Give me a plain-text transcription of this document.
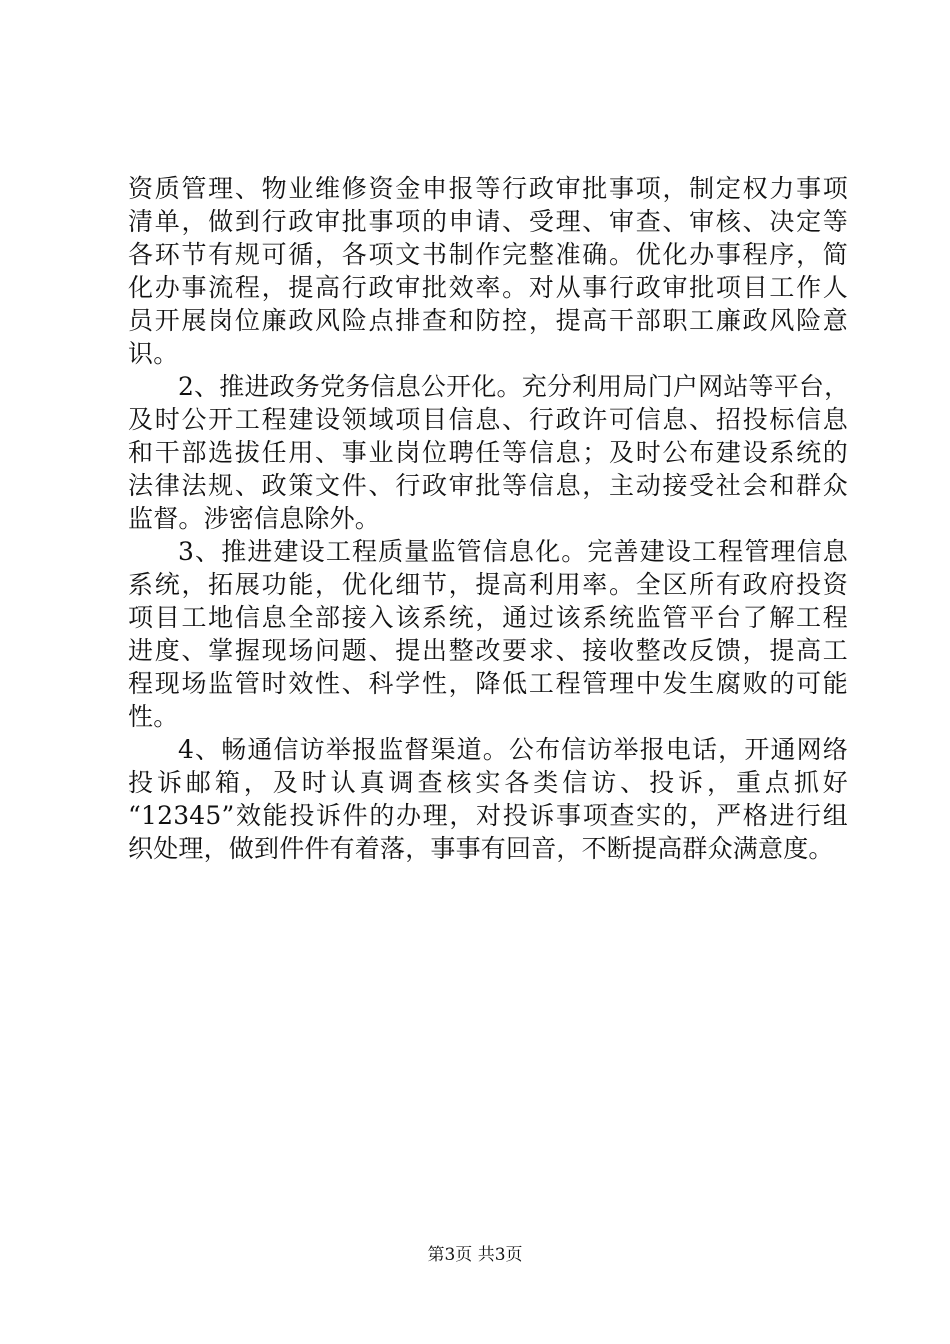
资质管理、物业维修资金申报等行政审批事项，制定权力事项
清单，做到行政审批事项的申请、受理、审查、审核、决定等
各环节有规可循，各项文书制作完整准确。优化办事程序，简
化办事流程，提高行政审批效率。对从事行政审批项目工作人
员开展岗位廉政风险点排查和防控，提高干部职工廉政风险意
识。
2、推进政务党务信息公开化。充分利用局门户网站等平台，
及时公开工程建设领域项目信息、行政许可信息、招投标信息
和干部选拔任用、事业岗位聘任等信息；及时公布建设系统的
法律法规、政策文件、行政审批等信息，主动接受社会和群众
监督。涉密信息除外。
3、推进建设工程质量监管信息化。完善建设工程管理信息
系统，拓展功能，优化细节，提高利用率。全区所有政府投资
项目工地信息全部接入该系统，通过该系统监管平台了解工程
进度、掌握现场问题、提出整改要求、接收整改反馈，提高工
程现场监管时效性、科学性，降低工程管理中发生腐败的可能
性。
4、畅通信访举报监督渠道。公布信访举报电话，开通网络
投诉邮箱，及时认真调查核实各类信访、投诉，重点抓好
“12345”效能投诉件的办理，对投诉事项查实的，严格进行组
织处理，做到件件有着落，事事有回音，不断提高群众满意度。
第3页 共3页
